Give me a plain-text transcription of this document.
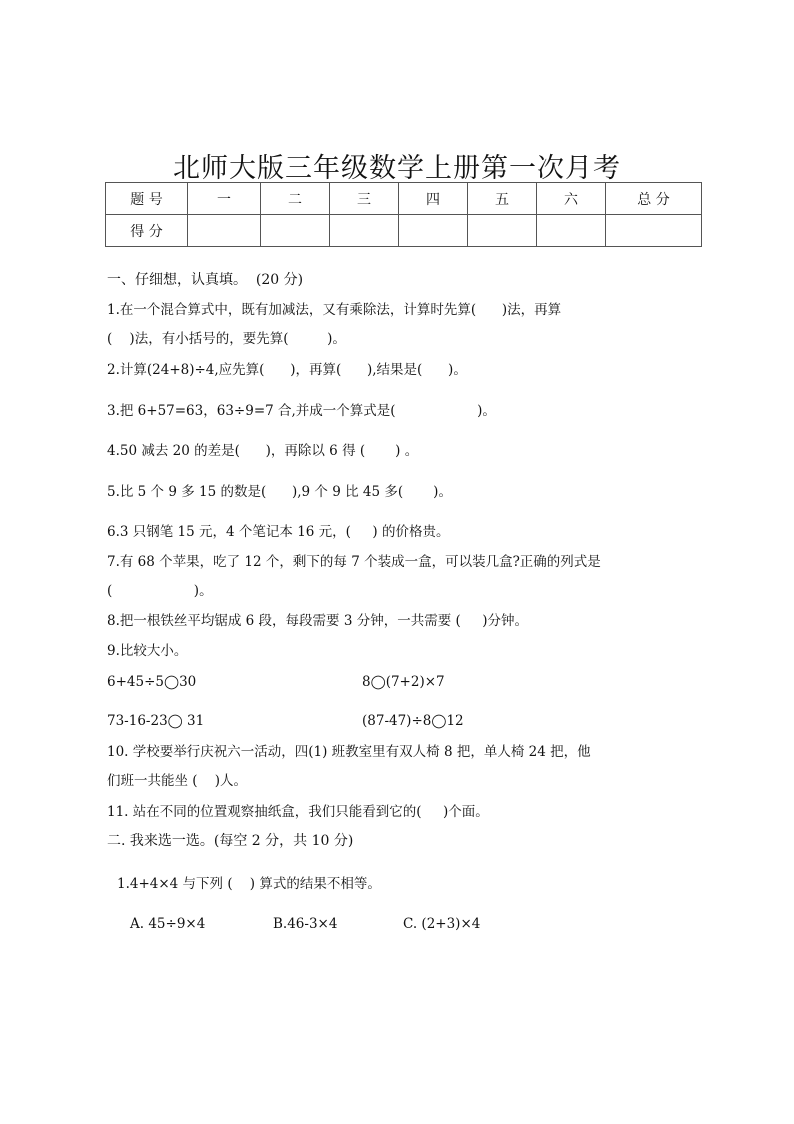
北师大版三年级数学上册第一次月考
题 号	一	二	三	四	五	六	总 分
得 分							

一、仔细想，认真填。  (20 分)

1.在一个混合算式中，既有加减法，又有乘除法，计算时先算(      )法，再算

(    )法，有小括号的，要先算(         )。

2.计算(24+8)÷4,应先算(      )，再算(      ),结果是(      )。

3.把 6+57=63，63÷9=7 合,并成一个算式是(                   )。

4.50 减去 20 的差是(      )，再除以 6 得 (       ) 。

5.比 5 个 9 多 15 的数是(      ),9 个 9 比 45 多(       )。

6.3 只钢笔 15 元，4 个笔记本 16 元，(     ) 的价格贵。

7.有 68 个苹果，吃了 12 个，剩下的每 7 个装成一盒，可以装几盒?正确的列式是

(                   )。

8.把一根铁丝平均锯成 6 段，每段需要 3 分钟，一共需要 (     )分钟。

9.比较大小。

6+45÷5◯30	8◯(7+2)×7

73-16-23◯ 31	(87-47)÷8◯12

10. 学校要举行庆祝六一活动，四(1) 班教室里有双人椅 8 把，单人椅 24 把，他

们班一共能坐 (    )人。

11. 站在不同的位置观察抽纸盒，我们只能看到它的(     )个面。

二. 我来选一选。(每空 2 分，共 10 分)

1.4+4×4 与下列 (    ) 算式的结果不相等。

A. 45÷9×4	B.46-3×4	C. (2+3)×4
